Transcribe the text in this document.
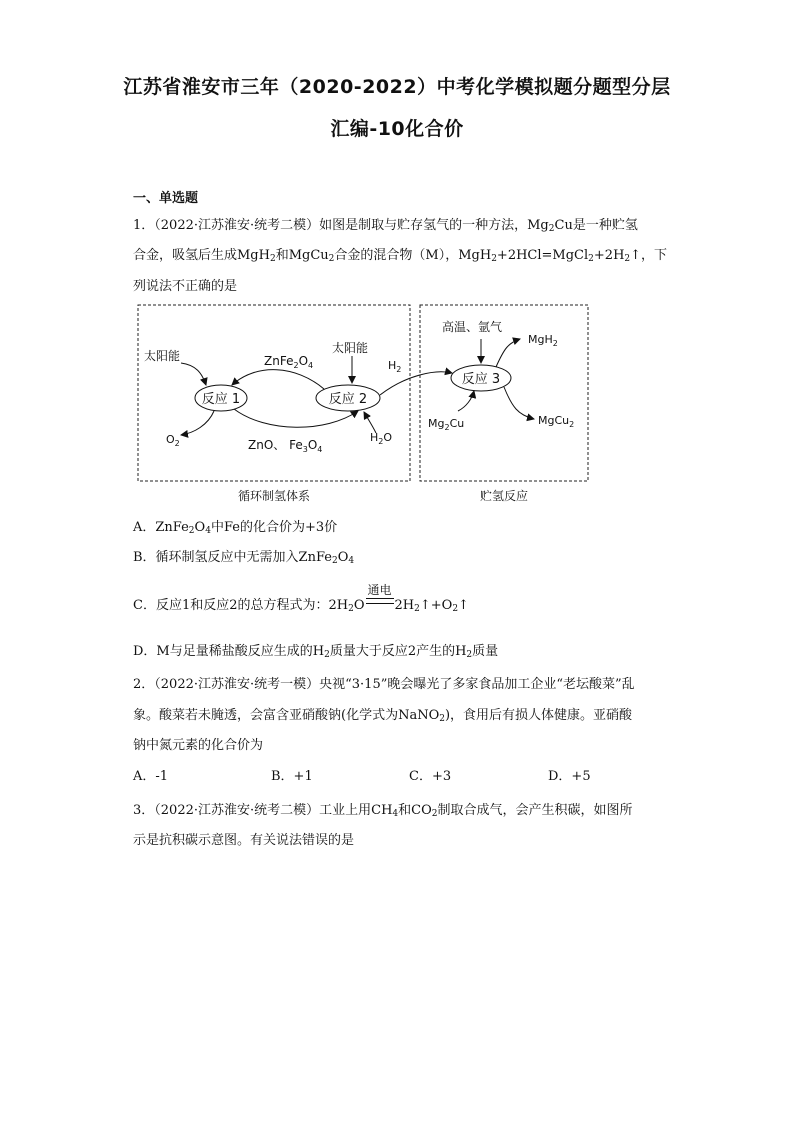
江苏省淮安市三年（2020-2022）中考化学模拟题分题型分层
汇编-10化合价
一、单选题
1．（2022·江苏淮安·统考二模）如图是制取与贮存氢气的一种方法，$Mg_2Cu$是一种贮氢
合金，吸氢后生成MgH$_2$和MgCu$_2$合金的混合物（M），$MgH_2+2HCl=MgCl_2+2H_2↑$，下
列说法不正确的是
太阳能	$ZnFe_2O_4$
太阳能
$H_2$
反应 1	反应 2
$O_2$	ZnO、 $Fe_3O_4$
$H_2O$
高温、氩气
MgH$_2$
反应 3
$Mg_2Cu$	MgCu$_2$
循环制氢体系	贮氢反应
A．$ZnFe_2O_4$中Fe的化合价为+3价
B．循环制氢反应中无需加入$ZnFe_2O_4$
C．反应1和反应2的总方程式为：$2H_2O$
通电
$2H_2↑+O_2↑$
D．M与足量稀盐酸反应生成的$H_2$质量大于反应2产生的$H_2$质量
2．（2022·江苏淮安·统考一模）央视“3·15”晚会曝光了多家食品加工企业“老坛酸菜”乱
象。酸菜若未腌透，会富含亚硝酸钠(化学式为NaNO$_2$)，食用后有损人体健康。亚硝酸
钠中氮元素的化合价为
A．-1	B．+1	C．+3	D．+5
3．（2022·江苏淮安·统考二模）工业上用$CH_4$和$CO_2$制取合成气，会产生积碳，如图所
示是抗积碳示意图。有关说法错误的是
